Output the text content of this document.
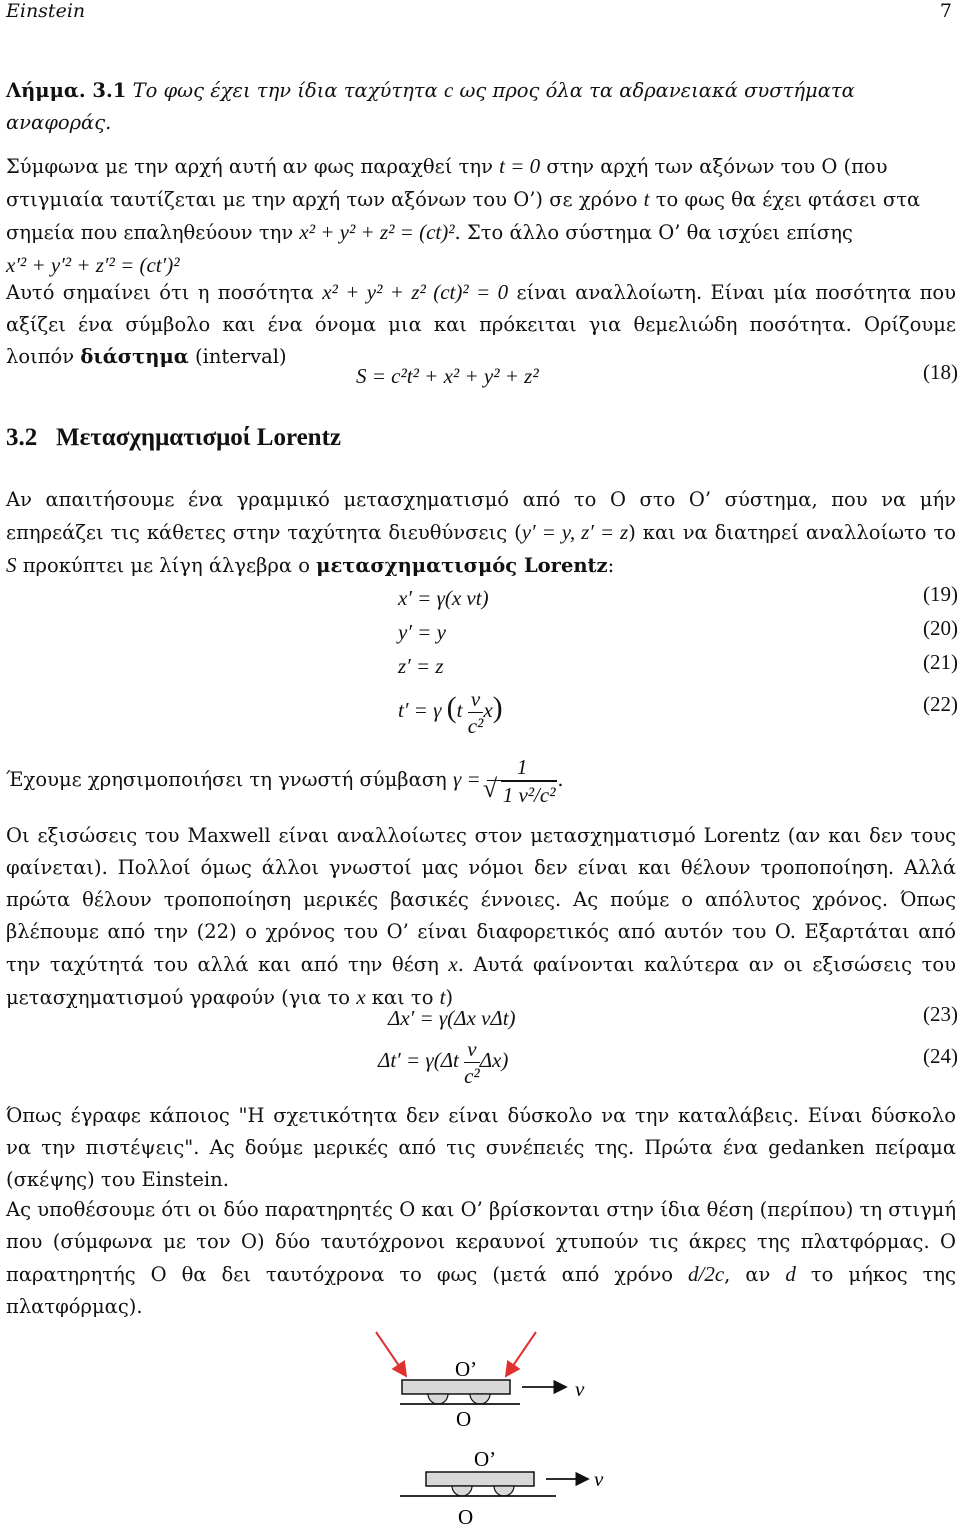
Einstein	7

Λήμμα. 3.1 Το φως έχει την ίδια ταχύτητα c ως προς όλα τα αδρανειακά συστήματα αναφοράς.

Σύμφωνα με την αρχή αυτή αν φως παραχθεί την t = 0 στην αρχή των αξόνων του O (που στιγμιαία ταυτίζεται με την αρχή των αξόνων του O’) σε χρόνο t το φως θα έχει φτάσει στα σημεία που επαληθεύουν την x² + y² + z² = (ct)². Στο άλλο σύστημα O’ θα ισχύει επίσης x′² + y′² + z′² = (ct′)²

Αυτό σημαίνει ότι η ποσότητα x² + y² + z² (ct)² = 0 είναι αναλλοίωτη. Είναι μία ποσότητα που αξίζει ένα σύμβολο και ένα όνομα μια και πρόκειται για θεμελιώδη ποσότητα. Ορίζουμε λοιπόν διάστημα (interval)

S = c²t² + x² + y² + z²	(18)
3.2 Μετασχηματισμοί Lorentz

Αν απαιτήσουμε ένα γραμμικό μετασχηματισμό από το O στο O’ σύστημα, που να μήν επηρεάζει τις κάθετες στην ταχύτητα διευθύνσεις (y′ = y, z′ = z) και να διατηρεί αναλλοίωτο το S προκύπτει με λίγη άλγεβρα ο μετασχηματισμός Lorentz:

x′ = γ(x vt)	(19)
y′ = y	(20)
z′ = z	(21)
t′ = γ $(t \frac{v}{\text{c²}} x)$	(22)
Έχουμε χρησιμοποιήσει τη γνωστή σύμβαση $\gamma = \frac{1}{\text{√ 1 v²/c²}}$ .

Οι εξισώσεις του Maxwell είναι αναλλοίωτες στον μετασχηματισμό Lorentz (αν και δεν τους φαίνεται). Πολλοί όμως άλλοι γνωστοί μας νόμοι δεν είναι και θέλουν τροποποίηση. Αλλά πρώτα θέλουν τροποποίηση μερικές βασικές έννοιες. Ας πούμε ο απόλυτος χρόνος. Όπως βλέπουμε από την (22) ο χρόνος του O’ είναι διαφορετικός από αυτόν του O. Εξαρτάται από την ταχύτητά του αλλά και από την θέση x. Αυτά φαίνονται καλύτερα αν οι εξισώσεις του μετασχηματισμού γραφούν (για το x και το t)

Δx′ = γ(Δx vΔt)	(23)
$\Delta t' = \gamma(\Delta t \frac{v}{\text{c²}} \Delta x)$	(24)

Όπως έγραφε κάποιος "Η σχετικότητα δεν είναι δύσκολο να την καταλάβεις. Είναι δύσκολο να την πιστέψεις". Ας δούμε μερικές από τις συνέπειές της. Πρώτα ένα gedanken πείραμα (σκέψης) του Einstein.

Ας υποθέσουμε ότι οι δύο παρατηρητές O και O’ βρίσκονται στην ίδια θέση (περίπου) τη στιγμή που (σύμφωνα με τον O) δύο ταυτόχρονοι κεραυνοί χτυπούν τις άκρες της πλατφόρμας. O παρατηρητής O θα δει ταυτόχρονα το φως (μετά από χρόνο d/2c, αν d το μήκος της πλατφόρμας).

O’
O
v
O’
O
v
